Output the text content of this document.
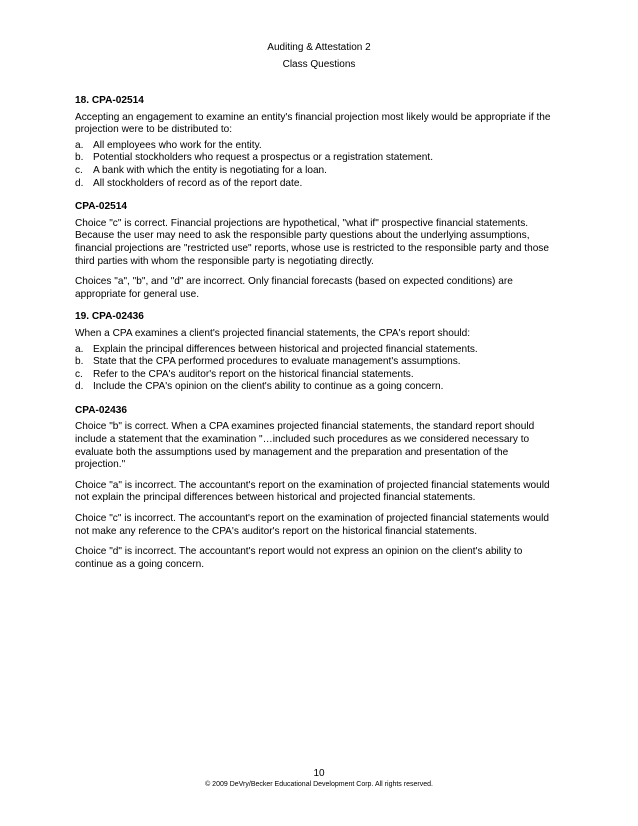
Auditing & Attestation 2
Class Questions
18. CPA-02514
Accepting an engagement to examine an entity's financial projection most likely would be appropriate if the projection were to be distributed to:
a. All employees who work for the entity.
b. Potential stockholders who request a prospectus or a registration statement.
c.	A bank with which the entity is negotiating for a loan.
d. All stockholders of record as of the report date.
CPA-02514
Choice "c" is correct. Financial projections are hypothetical, "what if" prospective financial statements. Because the user may need to ask the responsible party questions about the underlying assumptions, financial projections are "restricted use" reports, whose use is restricted to the responsible party and those third parties with whom the responsible party is negotiating directly.
Choices "a", "b", and "d" are incorrect. Only financial forecasts (based on expected conditions) are appropriate for general use.
19. CPA-02436
When a CPA examines a client's projected financial statements, the CPA's report should:
a. Explain the principal differences between historical and projected financial statements.
b. State that the CPA performed procedures to evaluate management's assumptions.
c.	Refer to the CPA's auditor's report on the historical financial statements.
d. Include the CPA's opinion on the client's ability to continue as a going concern.
CPA-02436
Choice "b" is correct. When a CPA examines projected financial statements, the standard report should include a statement that the examination "…included such procedures as we considered necessary to evaluate both the assumptions used by management and the preparation and presentation of the projection."
Choice "a" is incorrect. The accountant's report on the examination of projected financial statements would not explain the principal differences between historical and projected financial statements.
Choice "c" is incorrect. The accountant's report on the examination of projected financial statements would not make any reference to the CPA's auditor's report on the historical financial statements.
Choice "d" is incorrect. The accountant's report would not express an opinion on the client's ability to continue as a going concern.
10
© 2009 DeVry/Becker Educational Development Corp. All rights reserved.
